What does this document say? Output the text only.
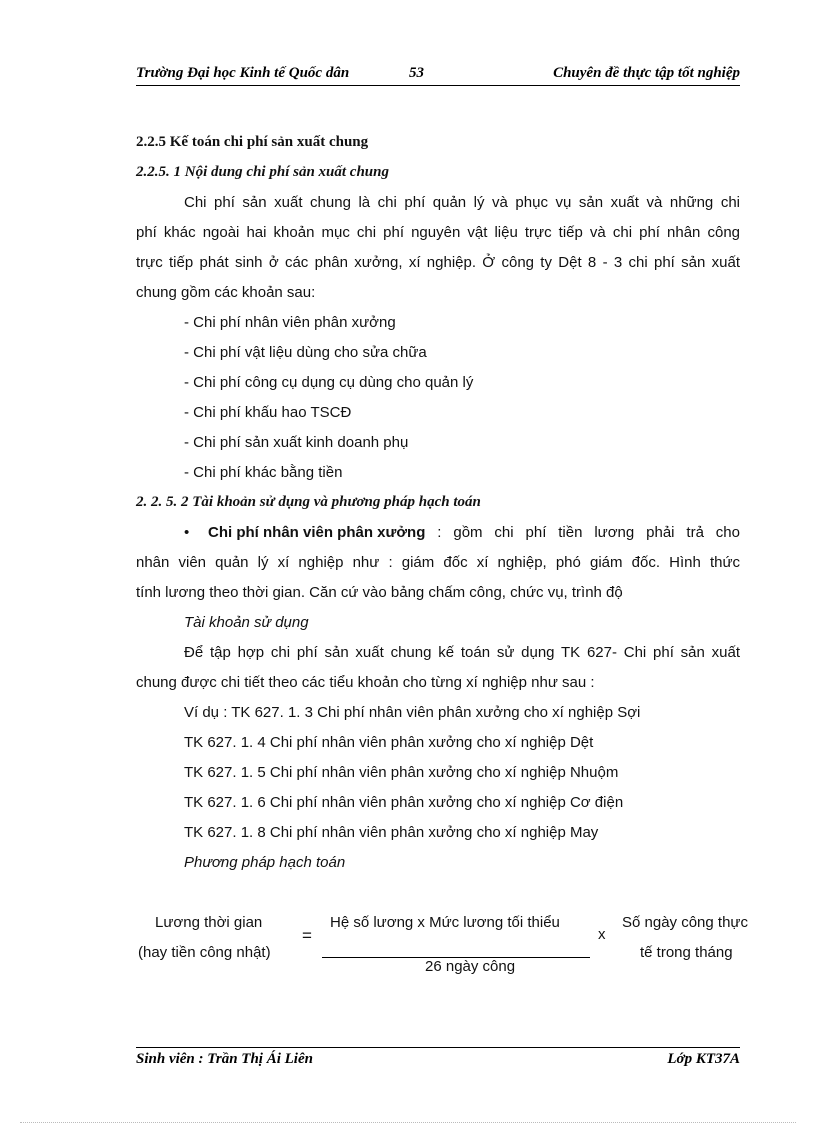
Trường Đại học Kinh tế Quốc dân	53	Chuyên đề thực tập tốt nghiệp
2.2.5 Kế toán chi phí sản xuất chung
2.2.5. 1 Nội dung chi phí sản xuất chung
Chi phí sản xuất chung là chi phí quản lý và phục vụ sản xuất và những chi
phí khác ngoài hai khoản mục chi phí nguyên vật liệu trực tiếp và chi phí nhân công
trực tiếp phát sinh ở các phân xưởng, xí nghiệp. Ở công ty Dệt 8 - 3 chi phí sản xuất
chung gồm các khoản sau:
- Chi phí nhân viên phân xưởng
- Chi phí vật liệu dùng cho sửa chữa
- Chi phí công cụ dụng cụ dùng cho quản lý
- Chi phí khấu hao TSCĐ
- Chi phí sản xuất kinh doanh phụ
- Chi phí khác bằng tiền
2. 2. 5. 2 Tài khoản sử dụng và phương pháp hạch toán
•	Chi phí nhân viên phân xưởng : gồm chi phí tiền lương phải trả cho
nhân viên quản lý xí nghiệp như : giám đốc xí nghiệp, phó giám đốc. Hình thức
tính lương theo thời gian. Căn cứ vào bảng chấm công, chức vụ, trình độ
Tài khoản sử dụng
Để tập hợp chi phí sản xuất chung kế toán sử dụng TK 627- Chi phí sản xuất
chung được chi tiết theo các tiểu khoản cho từng xí nghiệp như sau :
Ví dụ : TK 627. 1. 3 Chi phí nhân viên phân xưởng cho xí nghiệp Sợi
TK 627. 1. 4 Chi phí nhân viên phân xưởng cho xí nghiệp Dệt
TK 627. 1. 5 Chi phí nhân viên phân xưởng cho xí nghiệp Nhuộm
TK 627. 1. 6 Chi phí nhân viên phân xưởng cho xí nghiệp Cơ điện
TK 627. 1. 8 Chi phí nhân viên phân xưởng cho xí nghiệp May
Phương pháp hạch toán
Lương thời gian
(hay tiền công nhật)
=
Hệ số lương x Mức lương tối thiểu
26 ngày công
x
Số ngày công thực
tế trong tháng
Sinh viên : Trần Thị Ái Liên	Lớp KT37A
